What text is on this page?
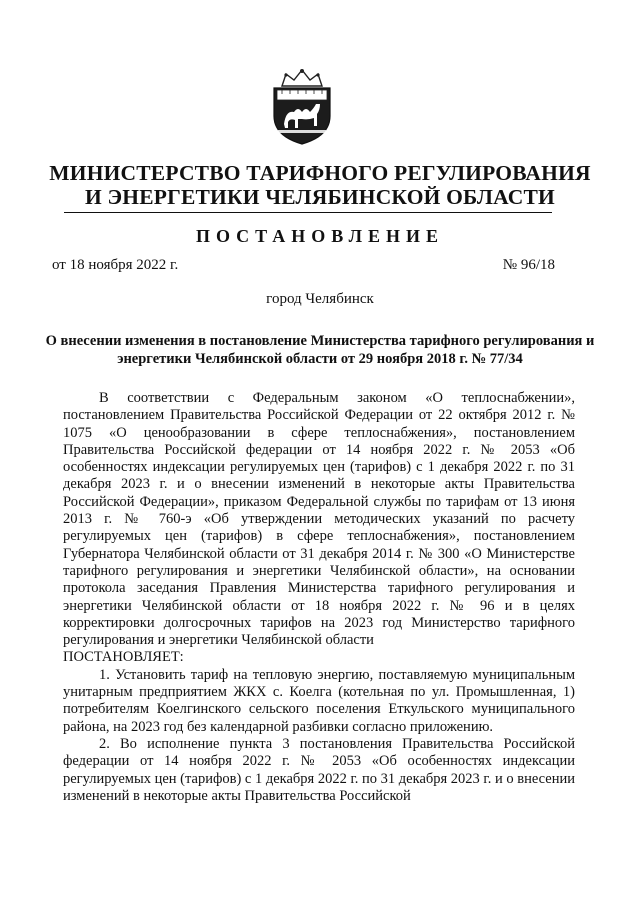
МИНИСТЕРСТВО ТАРИФНОГО РЕГУЛИРОВАНИЯ
И ЭНЕРГЕТИКИ ЧЕЛЯБИНСКОЙ ОБЛАСТИ
ПОСТАНОВЛЕНИЕ
от 18 ноября 2022 г.	№ 96/18
город Челябинск
О внесении изменения в постановление Министерства тарифного регулирования и энергетики Челябинской области от 29 ноября 2018 г. № 77/34

В соответствии с Федеральным законом «О теплоснабжении», постановлением Правительства Российской Федерации от 22 октября 2012 г. № 1075 «О ценообразовании в сфере теплоснабжения», постановлением Правительства Российской федерации от 14 ноября 2022 г. № 2053 «Об особенностях индексации регулируемых цен (тарифов) с 1 декабря 2022 г. по 31 декабря 2023 г. и о внесении изменений в некоторые акты Правительства Российской Федерации», приказом Федеральной службы по тарифам от 13 июня 2013 г. № 760-э «Об утверждении методических указаний по расчету регулируемых цен (тарифов) в сфере теплоснабжения», постановлением Губернатора Челябинской области от 31 декабря 2014 г. № 300 «О Министерстве тарифного регулирования и энергетики Челябинской области», на основании протокола заседания Правления Министерства тарифного регулирования и энергетики Челябинской области от 18 ноября 2022 г. № 96 и в целях корректировки долгосрочных тарифов на 2023 год Министерство тарифного регулирования и энергетики Челябинской области

ПОСТАНОВЛЯЕТ:

1. Установить тариф на тепловую энергию, поставляемую муниципальным унитарным предприятием ЖКХ с. Коелга (котельная по ул. Промышленная, 1) потребителям Коелгинского сельского поселения Еткульского муниципального района, на 2023 год без календарной разбивки согласно приложению.

2. Во исполнение пункта 3 постановления Правительства Российской федерации от 14 ноября 2022 г. № 2053 «Об особенностях индексации регулируемых цен (тарифов) с 1 декабря 2022 г. по 31 декабря 2023 г. и о внесении изменений в некоторые акты Правительства Российской
